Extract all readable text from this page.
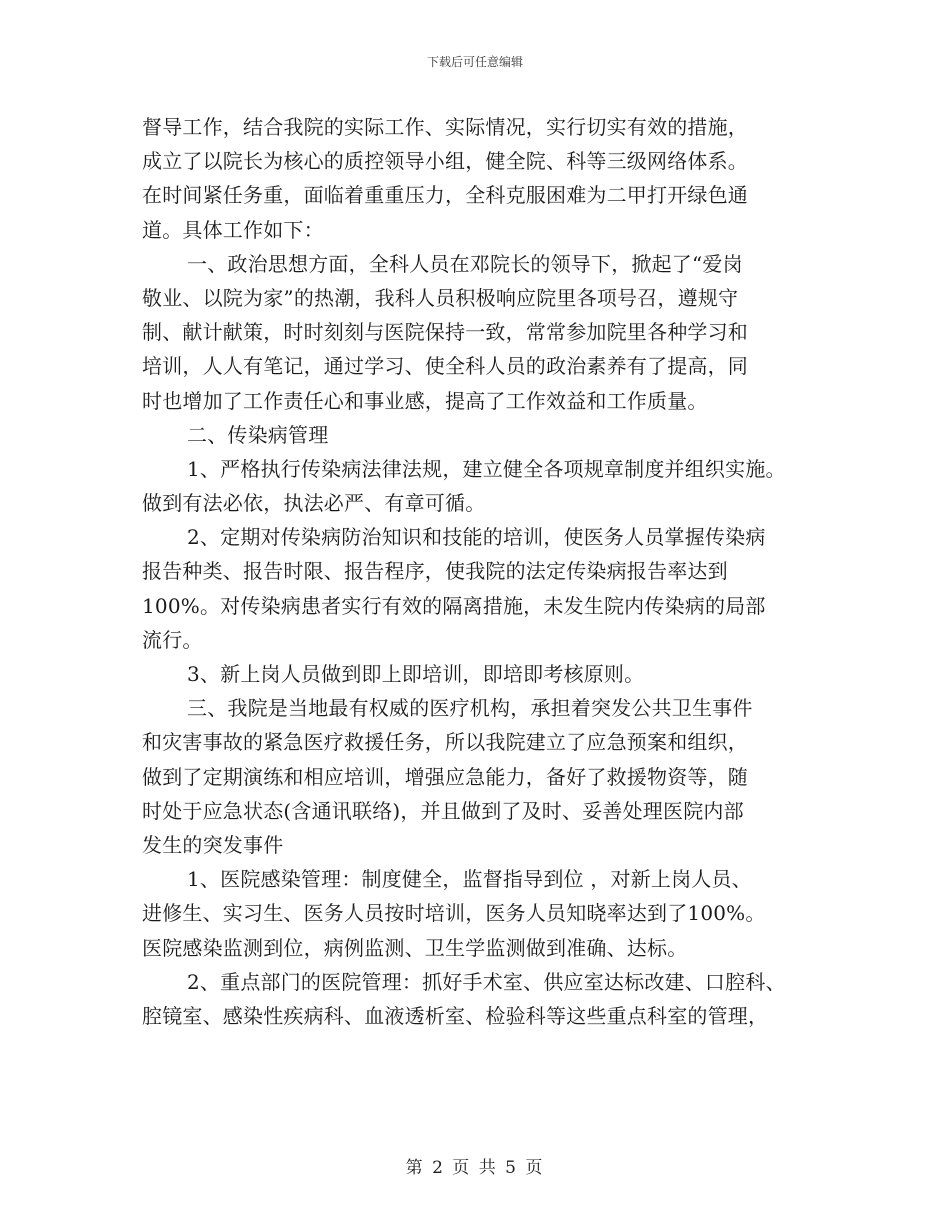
下载后可任意编辑
督导工作，结合我院的实际工作、实际情况，实行切实有效的措施，
成立了以院长为核心的质控领导小组，健全院、科等三级网络体系。
在时间紧任务重，面临着重重压力，全科克服困难为二甲打开绿色通
道。具体工作如下：
一、政治思想方面，全科人员在邓院长的领导下，掀起了“爱岗
敬业、以院为家”的热潮，我科人员积极响应院里各项号召，遵规守
制、献计献策，时时刻刻与医院保持一致，常常参加院里各种学习和
培训，人人有笔记，通过学习、使全科人员的政治素养有了提高，同
时也增加了工作责任心和事业感，提高了工作效益和工作质量。
二、传染病管理
1、严格执行传染病法律法规，建立健全各项规章制度并组织实施。
做到有法必依，执法必严、有章可循。
2、定期对传染病防治知识和技能的培训，使医务人员掌握传染病
报告种类、报告时限、报告程序，使我院的法定传染病报告率达到
100%。对传染病患者实行有效的隔离措施，未发生院内传染病的局部
流行。
3、新上岗人员做到即上即培训，即培即考核原则。
三、我院是当地最有权威的医疗机构，承担着突发公共卫生事件
和灾害事故的紧急医疗救援任务，所以我院建立了应急预案和组织，
做到了定期演练和相应培训，增强应急能力，备好了救援物资等，随
时处于应急状态(含通讯联络)，并且做到了及时、妥善处理医院内部
发生的突发事件
1、医院感染管理：制度健全，监督指导到位 ，对新上岗人员、
进修生、实习生、医务人员按时培训，医务人员知晓率达到了100%。
医院感染监测到位，病例监测、卫生学监测做到准确、达标。
2、重点部门的医院管理：抓好手术室、供应室达标改建、口腔科、
腔镜室、感染性疾病科、血液透析室、检验科等这些重点科室的管理，
第 2 页 共 5 页
